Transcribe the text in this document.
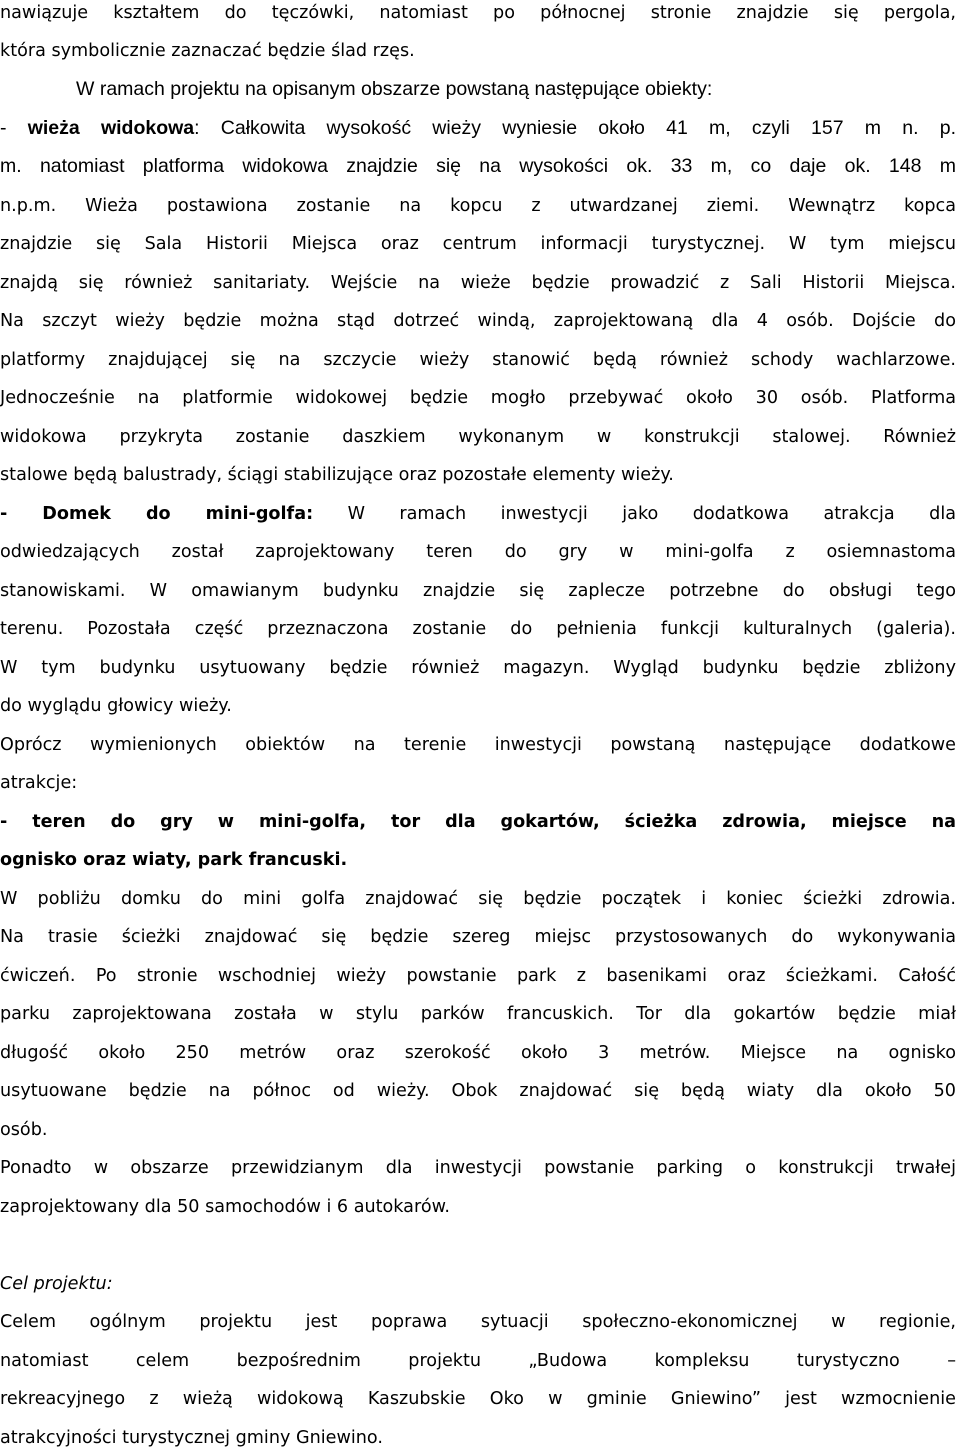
nawiązuje kształtem do tęczówki, natomiast po północnej stronie znajdzie się pergola,
która symbolicznie zaznaczać będzie ślad rzęs.
W ramach projektu na opisanym obszarze powstaną następujące obiekty:
- wieża widokowa: Całkowita wysokość wieży wyniesie około 41 m, czyli 157 m n. p.
m. natomiast platforma widokowa znajdzie się na wysokości ok. 33 m, co daje ok. 148 m
n.p.m. Wieża postawiona zostanie na kopcu z utwardzanej ziemi. Wewnątrz kopca
znajdzie się Sala Historii Miejsca oraz centrum informacji turystycznej. W tym miejscu
znajdą się również sanitariaty. Wejście na wieże będzie prowadzić z Sali Historii Miejsca.
Na szczyt wieży będzie można stąd dotrzeć windą, zaprojektowaną dla 4 osób. Dojście do
platformy znajdującej się na szczycie wieży stanowić będą również schody wachlarzowe.
Jednocześnie na platformie widokowej będzie mogło przebywać około 30 osób. Platforma
widokowa przykryta zostanie daszkiem wykonanym w konstrukcji stalowej. Również
stalowe będą balustrady, ściągi stabilizujące oraz pozostałe elementy wieży.
- Domek do mini-golfa: W ramach inwestycji jako dodatkowa atrakcja dla
odwiedzających został zaprojektowany teren do gry w mini-golfa z osiemnastoma
stanowiskami. W omawianym budynku znajdzie się zaplecze potrzebne do obsługi tego
terenu. Pozostała część przeznaczona zostanie do pełnienia funkcji kulturalnych (galeria).
W tym budynku usytuowany będzie również magazyn. Wygląd budynku będzie zbliżony
do wyglądu głowicy wieży.
Oprócz wymienionych obiektów na terenie inwestycji powstaną następujące dodatkowe
atrakcje:
- teren do gry w mini-golfa, tor dla gokartów, ścieżka zdrowia, miejsce na
ognisko oraz wiaty, park francuski.
W pobliżu domku do mini golfa znajdować się będzie początek i koniec ścieżki zdrowia.
Na trasie ścieżki znajdować się będzie szereg miejsc przystosowanych do wykonywania
ćwiczeń. Po stronie wschodniej wieży powstanie park z basenikami oraz ścieżkami. Całość
parku zaprojektowana została w stylu parków francuskich. Tor dla gokartów będzie miał
długość około 250 metrów oraz szerokość około 3 metrów. Miejsce na ognisko
usytuowane będzie na północ od wieży. Obok znajdować się będą wiaty dla około 50
osób.
Ponadto w obszarze przewidzianym dla inwestycji powstanie parking o konstrukcji trwałej
zaprojektowany dla 50 samochodów i 6 autokarów.
Cel projektu:
Celem ogólnym projektu jest poprawa sytuacji społeczno-ekonomicznej w regionie,
natomiast celem bezpośrednim projektu „Budowa kompleksu turystyczno –
rekreacyjnego z wieżą widokową Kaszubskie Oko w gminie Gniewino” jest wzmocnienie
atrakcyjności turystycznej gminy Gniewino.
